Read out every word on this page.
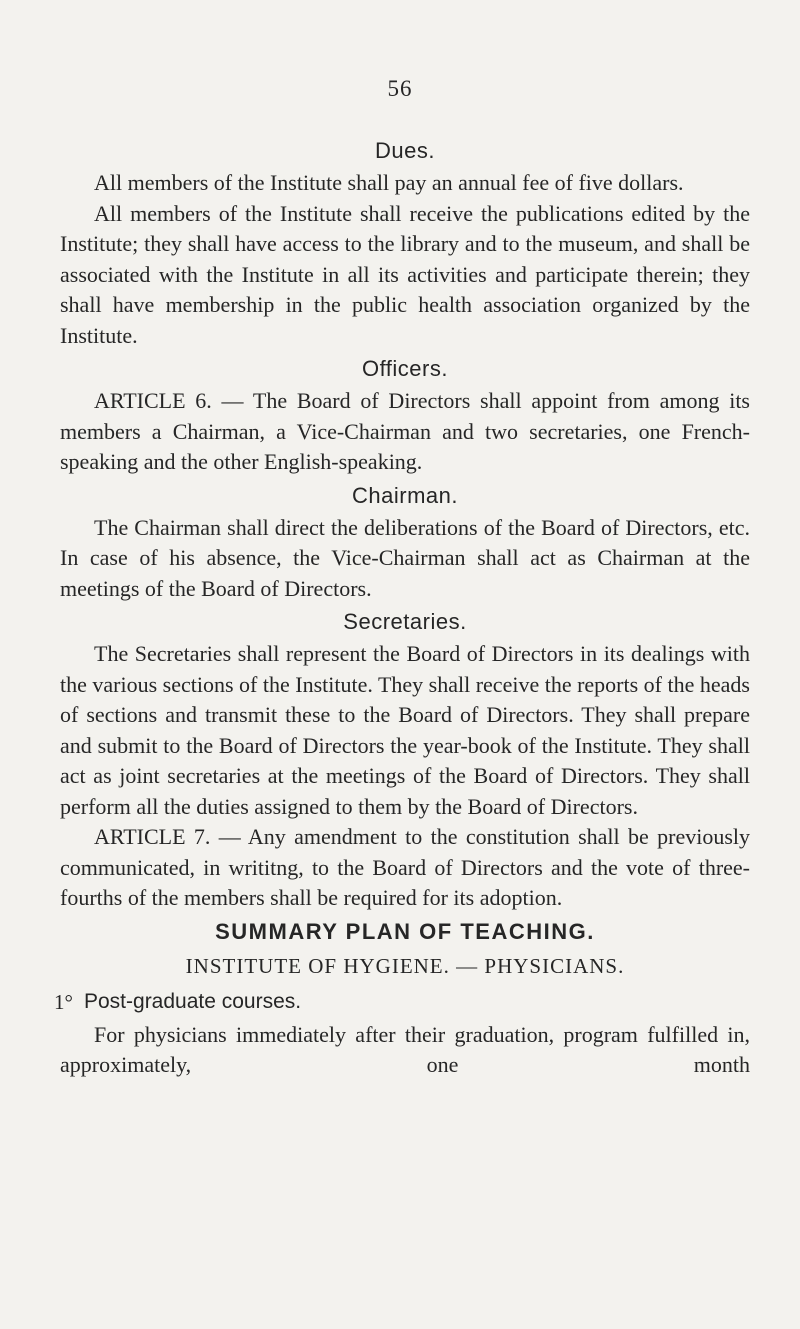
56
Dues.

All members of the Institute shall pay an annual fee of five dollars.

All members of the Institute shall receive the publications edited by the Institute; they shall have access to the library and to the museum, and shall be associated with the Institute in all its activities and participate therein; they shall have membership in the public health association organized by the Institute.

Officers.

ARTICLE 6. — The Board of Directors shall appoint from among its members a Chairman, a Vice-Chairman and two secretaries, one French-speaking and the other English-speaking.

Chairman.

The Chairman shall direct the deliberations of the Board of Directors, etc. In case of his absence, the Vice-Chairman shall act as Chairman at the meetings of the Board of Directors.

Secretaries.

The Secretaries shall represent the Board of Directors in its dealings with the various sections of the Institute. They shall receive the reports of the heads of sections and transmit these to the Board of Directors. They shall prepare and submit to the Board of Directors the year-book of the Institute. They shall act as joint secretaries at the meetings of the Board of Directors. They shall perform all the duties assigned to them by the Board of Directors.

ARTICLE 7. — Any amendment to the constitution shall be previously communicated, in writitng, to the Board of Directors and the vote of three-fourths of the members shall be required for its adoption.

SUMMARY PLAN OF TEACHING.
INSTITUTE OF HYGIENE. — PHYSICIANS.
1° Post-graduate courses.

For physicians immediately after their graduation, program fulfilled in, approximately, one month
